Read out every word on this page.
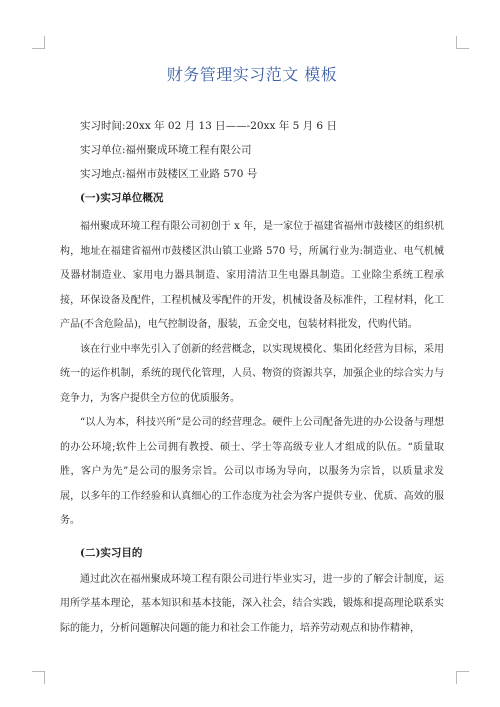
财务管理实习范文 模板
实习时间:20xx 年 02 月 13 日——-20xx 年 5 月 6 日
实习单位:福州聚成环境工程有限公司
实习地点:福州市鼓楼区工业路 570 号
(一)实习单位概况

福州聚成环境工程有限公司初创于 x 年，是一家位于福建省福州市鼓楼区的组织机构，地址在福建省福州市鼓楼区洪山镇工业路 570 号，所属行业为:制造业、电气机械及器材制造业、家用电力器具制造、家用清洁卫生电器具制造。工业除尘系统工程承接，环保设备及配件，工程机械及零配件的开发，机械设备及标准件，工程材料，化工产品(不含危险品)，电气控制设备，服装，五金交电，包装材料批发，代购代销。

该在行业中率先引入了创新的经营概念，以实现规模化、集团化经营为目标，采用统一的运作机制，系统的现代化管理，人员、物资的资源共享，加强企业的综合实力与竞争力，为客户提供全方位的优质服务。

“以人为本，科技兴所”是公司的经营理念。硬件上公司配备先进的办公设备与理想的办公环境;软件上公司拥有教授、硕士、学士等高级专业人才组成的队伍。“质量取胜，客户为先”是公司的服务宗旨。公司以市场为导向，以服务为宗旨，以质量求发展，以多年的工作经验和认真细心的工作态度为社会为客户提供专业、优质、高效的服务。

(二)实习目的

通过此次在福州聚成环境工程有限公司进行毕业实习，进一步的了解会计制度，运用所学基本理论，基本知识和基本技能，深入社会，结合实践，锻炼和提高理论联系实际的能力，分析问题解决问题的能力和社会工作能力，培养劳动观点和协作精神，
